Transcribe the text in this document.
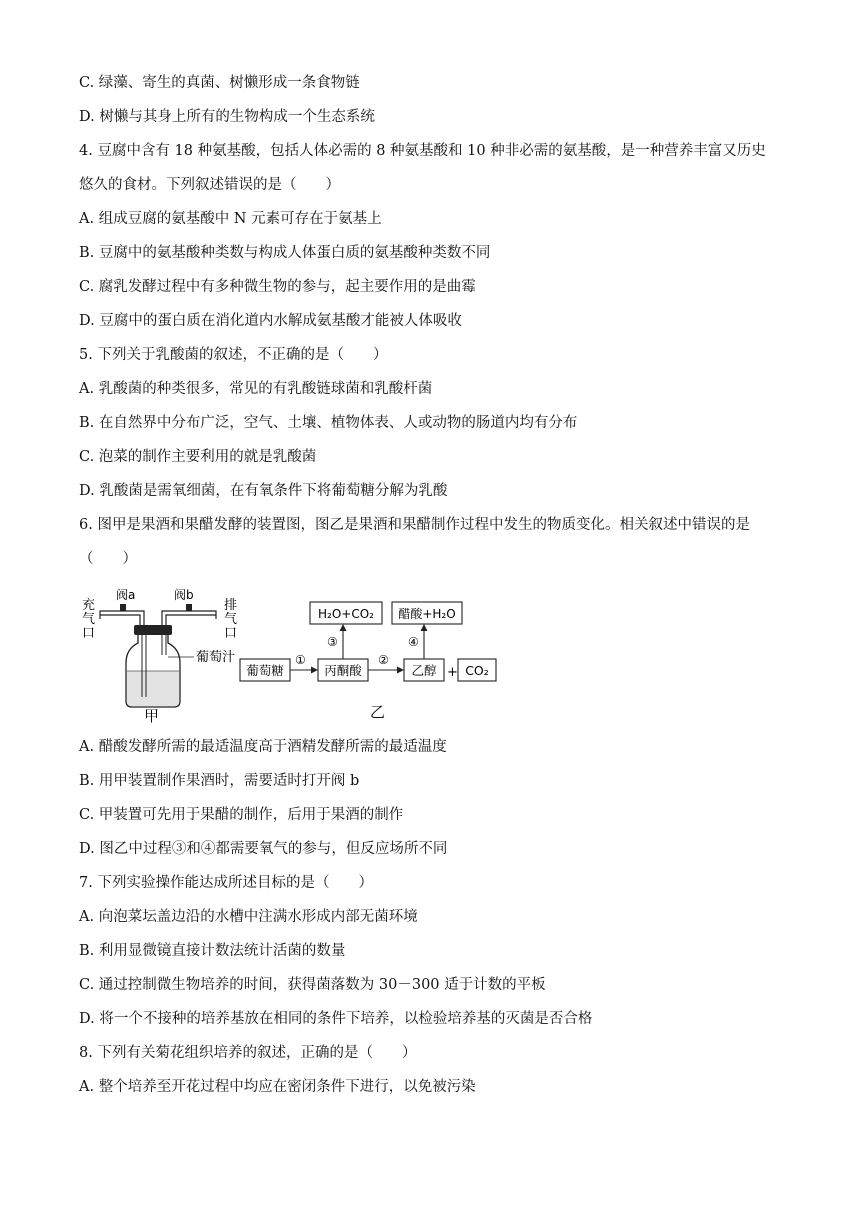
C. 绿藻、寄生的真菌、树懒形成一条食物链
D. 树懒与其身上所有的生物构成一个生态系统
4. 豆腐中含有 18 种氨基酸，包括人体必需的 8 种氨基酸和 10 种非必需的氨基酸，是一种营养丰富又历史
悠久的食材。下列叙述错误的是（　　）
A. 组成豆腐的氨基酸中 N 元素可存在于氨基上
B. 豆腐中的氨基酸种类数与构成人体蛋白质的氨基酸种类数不同
C. 腐乳发酵过程中有多种微生物的参与，起主要作用的是曲霉
D. 豆腐中的蛋白质在消化道内水解成氨基酸才能被人体吸收
5. 下列关于乳酸菌的叙述，不正确的是（　　）
A. 乳酸菌的种类很多，常见的有乳酸链球菌和乳酸杆菌
B. 在自然界中分布广泛，空气、土壤、植物体表、人或动物的肠道内均有分布
C. 泡菜的制作主要利用的就是乳酸菌
D. 乳酸菌是需氧细菌，在有氧条件下将葡萄糖分解为乳酸
6. 图甲是果酒和果醋发酵的装置图，图乙是果酒和果醋制作过程中发生的物质变化。相关叙述中错误的是
（　　）
充
气
口
排
气
口
阀a	阀b
葡萄汁
甲
H₂O+CO₂ 醋酸+H₂O
葡萄糖	丙酮酸	乙醇 + CO₂
①	②
③	④
乙
A. 醋酸发酵所需的最适温度高于酒精发酵所需的最适温度
B. 用甲装置制作果酒时，需要适时打开阀 b
C. 甲装置可先用于果醋的制作，后用于果酒的制作
D. 图乙中过程③和④都需要氧气的参与，但反应场所不同
7. 下列实验操作能达成所述目标的是（　　）
A. 向泡菜坛盖边沿的水槽中注满水形成内部无菌环境
B. 利用显微镜直接计数法统计活菌的数量
C. 通过控制微生物培养的时间，获得菌落数为 30－300 适于计数的平板
D. 将一个不接种的培养基放在相同的条件下培养，以检验培养基的灭菌是否合格
8. 下列有关菊花组织培养的叙述，正确的是（　　）
A. 整个培养至开花过程中均应在密闭条件下进行，以免被污染
